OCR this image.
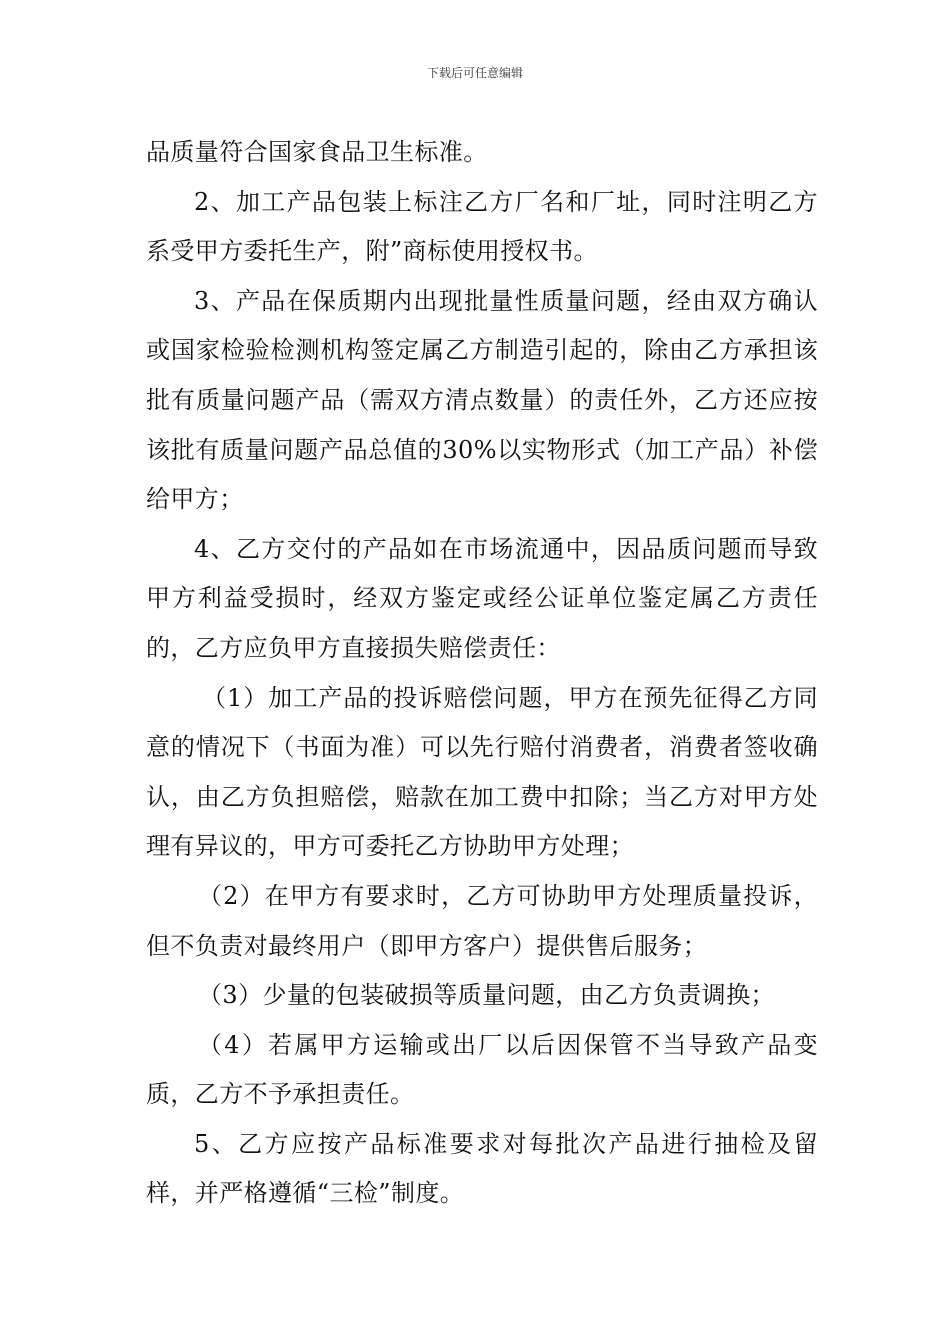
下载后可任意编辑

品质量符合国家食品卫生标准。

2、加工产品包装上标注乙方厂名和厂址，同时注明乙方系受甲方委托生产，附”商标使用授权书。

3、产品在保质期内出现批量性质量问题，经由双方确认或国家检验检测机构签定属乙方制造引起的，除由乙方承担该批有质量问题产品（需双方清点数量）的责任外，乙方还应按该批有质量问题产品总值的30%以实物形式（加工产品）补偿给甲方；

4、乙方交付的产品如在市场流通中，因品质问题而导致甲方利益受损时，经双方鉴定或经公证单位鉴定属乙方责任的，乙方应负甲方直接损失赔偿责任：

（1）加工产品的投诉赔偿问题，甲方在预先征得乙方同意的情况下（书面为准）可以先行赔付消费者，消费者签收确认，由乙方负担赔偿，赔款在加工费中扣除；当乙方对甲方处理有异议的，甲方可委托乙方协助甲方处理；

（2）在甲方有要求时，乙方可协助甲方处理质量投诉，但不负责对最终用户（即甲方客户）提供售后服务；

（3）少量的包装破损等质量问题，由乙方负责调换；

（4）若属甲方运输或出厂以后因保管不当导致产品变质，乙方不予承担责任。

5、乙方应按产品标准要求对每批次产品进行抽检及留样，并严格遵循“三检”制度。
